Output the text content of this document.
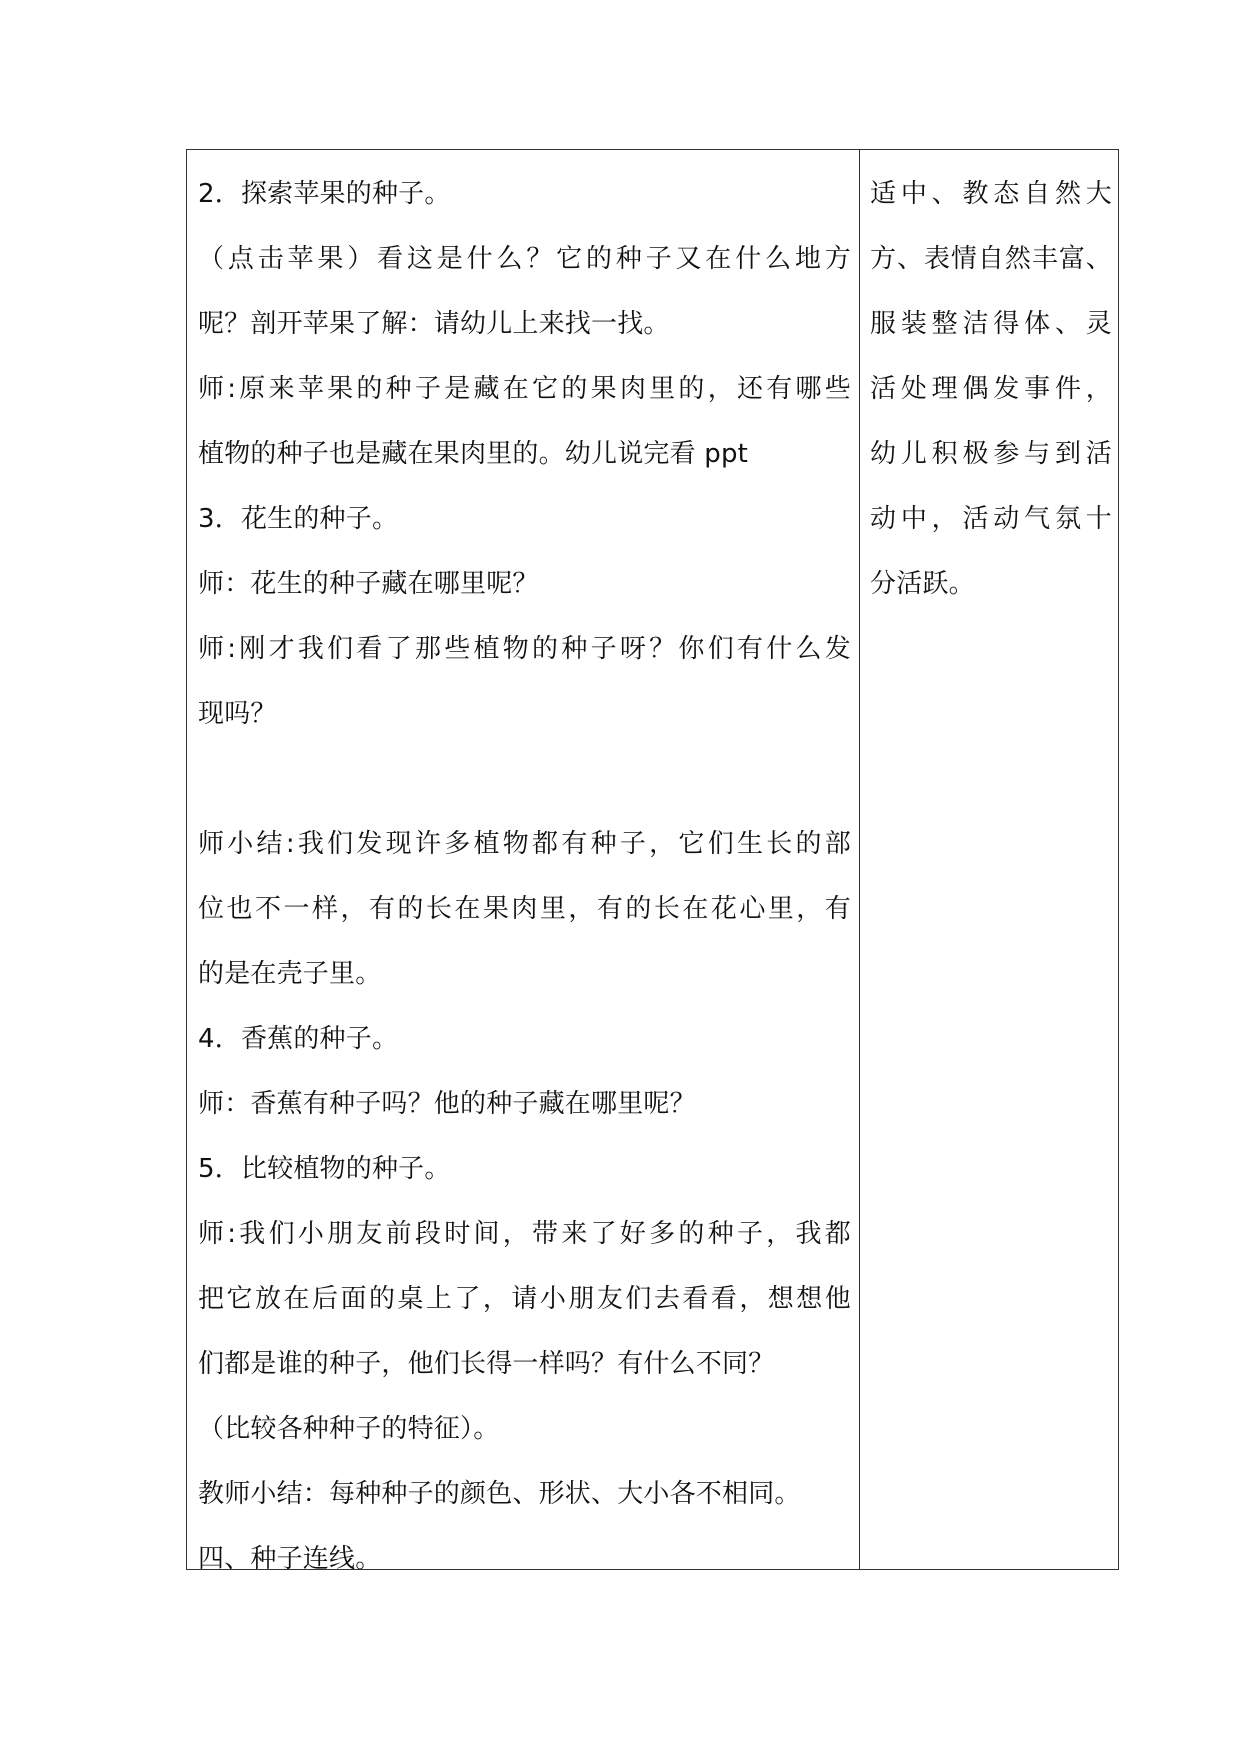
2．探索苹果的种子。
（点击苹果）看这是什么？它的种子又在什么地方
呢？剖开苹果了解：请幼儿上来找一找。
师:原来苹果的种子是藏在它的果肉里的，还有哪些
植物的种子也是藏在果肉里的。幼儿说完看 ppt
3．花生的种子。
师：花生的种子藏在哪里呢？
师:刚才我们看了那些植物的种子呀？你们有什么发
现吗？
师小结:我们发现许多植物都有种子，它们生长的部
位也不一样，有的长在果肉里，有的长在花心里，有
的是在壳子里。
4．香蕉的种子。
师：香蕉有种子吗？他的种子藏在哪里呢？
5．比较植物的种子。
师:我们小朋友前段时间，带来了好多的种子，我都
把它放在后面的桌上了，请小朋友们去看看，想想他
们都是谁的种子，他们长得一样吗？有什么不同？
（比较各种种子的特征）。
教师小结：每种种子的颜色、形状、大小各不相同。
四、种子连线。
适中、教态自然大
方、表情自然丰富、
服装整洁得体、灵
活处理偶发事件，
幼儿积极参与到活
动中，活动气氛十
分活跃。
